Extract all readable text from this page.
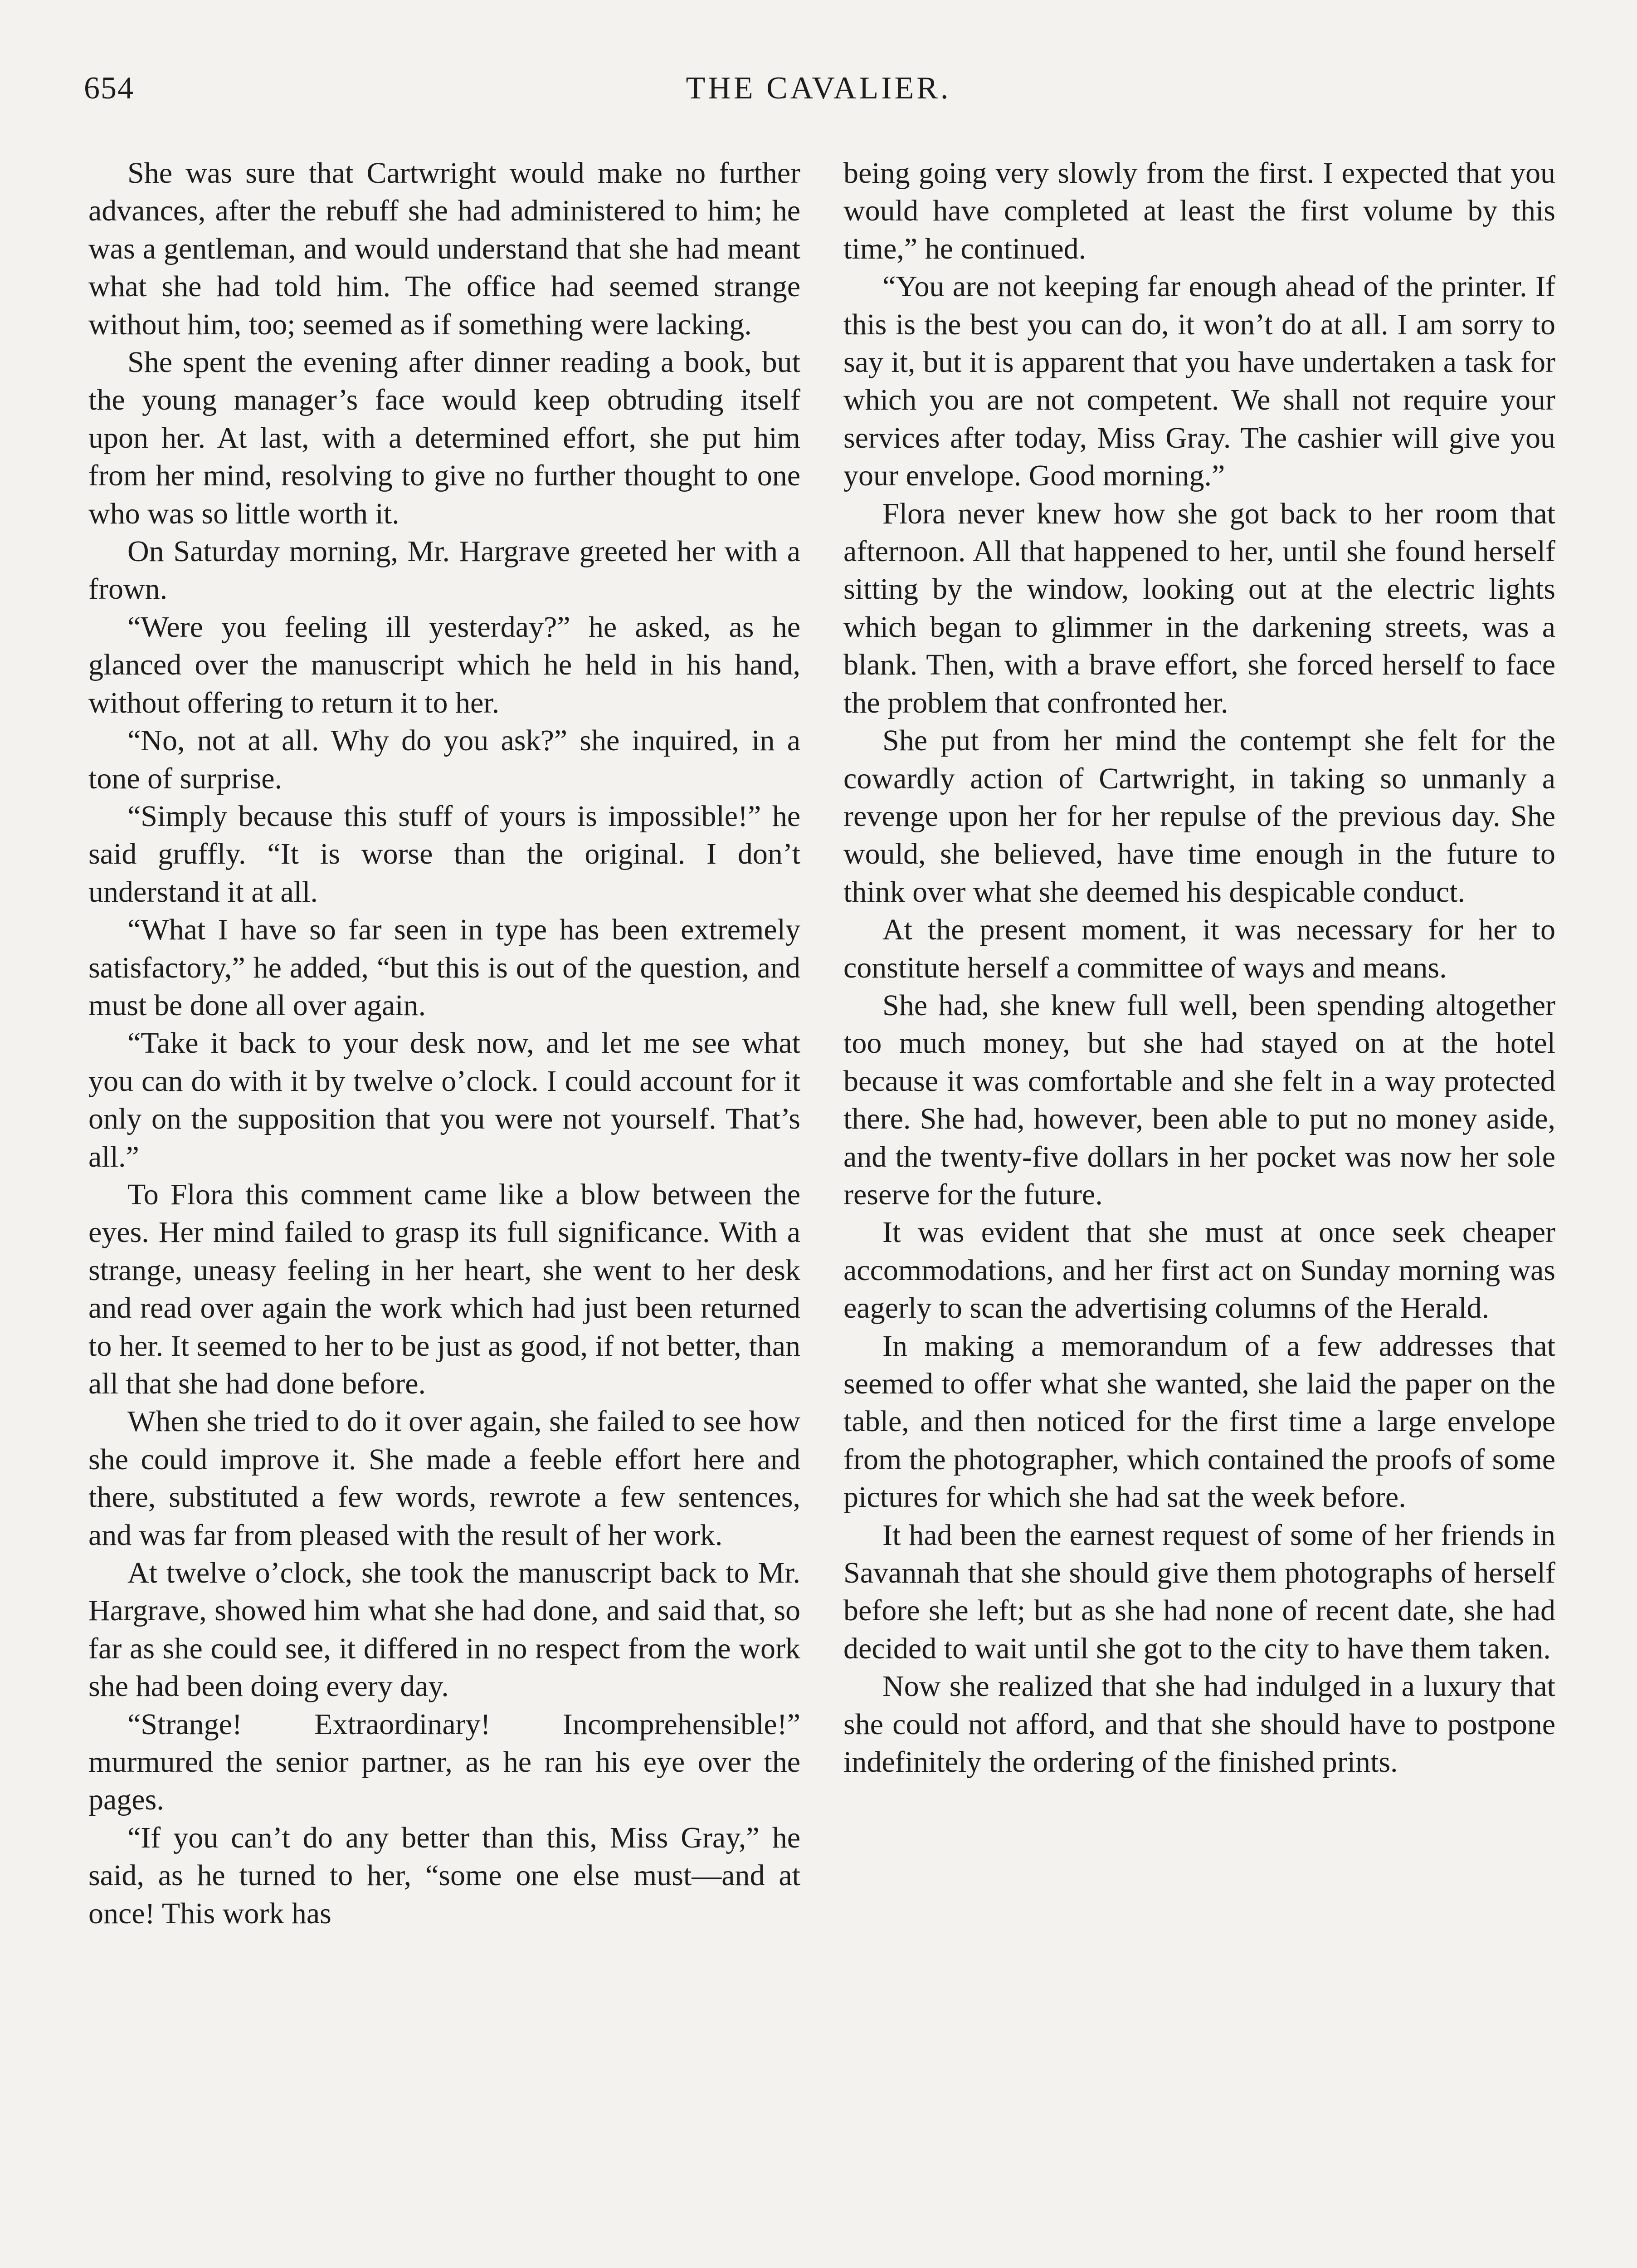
654	THE CAVALIER.

She was sure that Cartwright would make no further advances, after the rebuff she had administered to him; he was a gentleman, and would understand that she had meant what she had told him. The office had seemed strange without him, too; seemed as if something were lacking.

She spent the evening after dinner reading a book, but the young manager’s face would keep obtruding itself upon her. At last, with a determined effort, she put him from her mind, resolving to give no further thought to one who was so little worth it.

On Saturday morning, Mr. Hargrave greeted her with a frown.

“Were you feeling ill yesterday?” he asked, as he glanced over the manuscript which he held in his hand, without offering to return it to her.

“No, not at all. Why do you ask?” she inquired, in a tone of surprise.

“Simply because this stuff of yours is impossible!” he said gruffly. “It is worse than the original. I don’t understand it at all.

“What I have so far seen in type has been extremely satisfactory,” he added, “but this is out of the question, and must be done all over again.

“Take it back to your desk now, and let me see what you can do with it by twelve o’clock. I could account for it only on the supposition that you were not yourself. That’s all.”

To Flora this comment came like a blow between the eyes. Her mind failed to grasp its full significance. With a strange, uneasy feeling in her heart, she went to her desk and read over again the work which had just been returned to her. It seemed to her to be just as good, if not better, than all that she had done before.

When she tried to do it over again, she failed to see how she could improve it. She made a feeble effort here and there, substituted a few words, rewrote a few sentences, and was far from pleased with the result of her work.

At twelve o’clock, she took the manuscript back to Mr. Hargrave, showed him what she had done, and said that, so far as she could see, it differed in no respect from the work she had been doing every day.

“Strange! Extraordinary! Incomprehensible!” murmured the senior partner, as he ran his eye over the pages.

“If you can’t do any better than this, Miss Gray,” he said, as he turned to her, “some one else must—and at once! This work has

being going very slowly from the first. I expected that you would have completed at least the first volume by this time,” he continued.

“You are not keeping far enough ahead of the printer. If this is the best you can do, it won’t do at all. I am sorry to say it, but it is apparent that you have undertaken a task for which you are not competent. We shall not require your services after today, Miss Gray. The cashier will give you your envelope. Good morning.”

Flora never knew how she got back to her room that afternoon. All that happened to her, until she found herself sitting by the window, looking out at the electric lights which began to glimmer in the darkening streets, was a blank. Then, with a brave effort, she forced herself to face the problem that confronted her.

She put from her mind the contempt she felt for the cowardly action of Cartwright, in taking so unmanly a revenge upon her for her repulse of the previous day. She would, she believed, have time enough in the future to think over what she deemed his despicable conduct.

At the present moment, it was necessary for her to constitute herself a committee of ways and means.

She had, she knew full well, been spending altogether too much money, but she had stayed on at the hotel because it was comfortable and she felt in a way protected there. She had, however, been able to put no money aside, and the twenty-five dollars in her pocket was now her sole reserve for the future.

It was evident that she must at once seek cheaper accommodations, and her first act on Sunday morning was eagerly to scan the advertising columns of the Herald.

In making a memorandum of a few addresses that seemed to offer what she wanted, she laid the paper on the table, and then noticed for the first time a large envelope from the photographer, which contained the proofs of some pictures for which she had sat the week before.

It had been the earnest request of some of her friends in Savannah that she should give them photographs of herself before she left; but as she had none of recent date, she had decided to wait until she got to the city to have them taken.

Now she realized that she had indulged in a luxury that she could not afford, and that she should have to postpone indefinitely the ordering of the finished prints.
